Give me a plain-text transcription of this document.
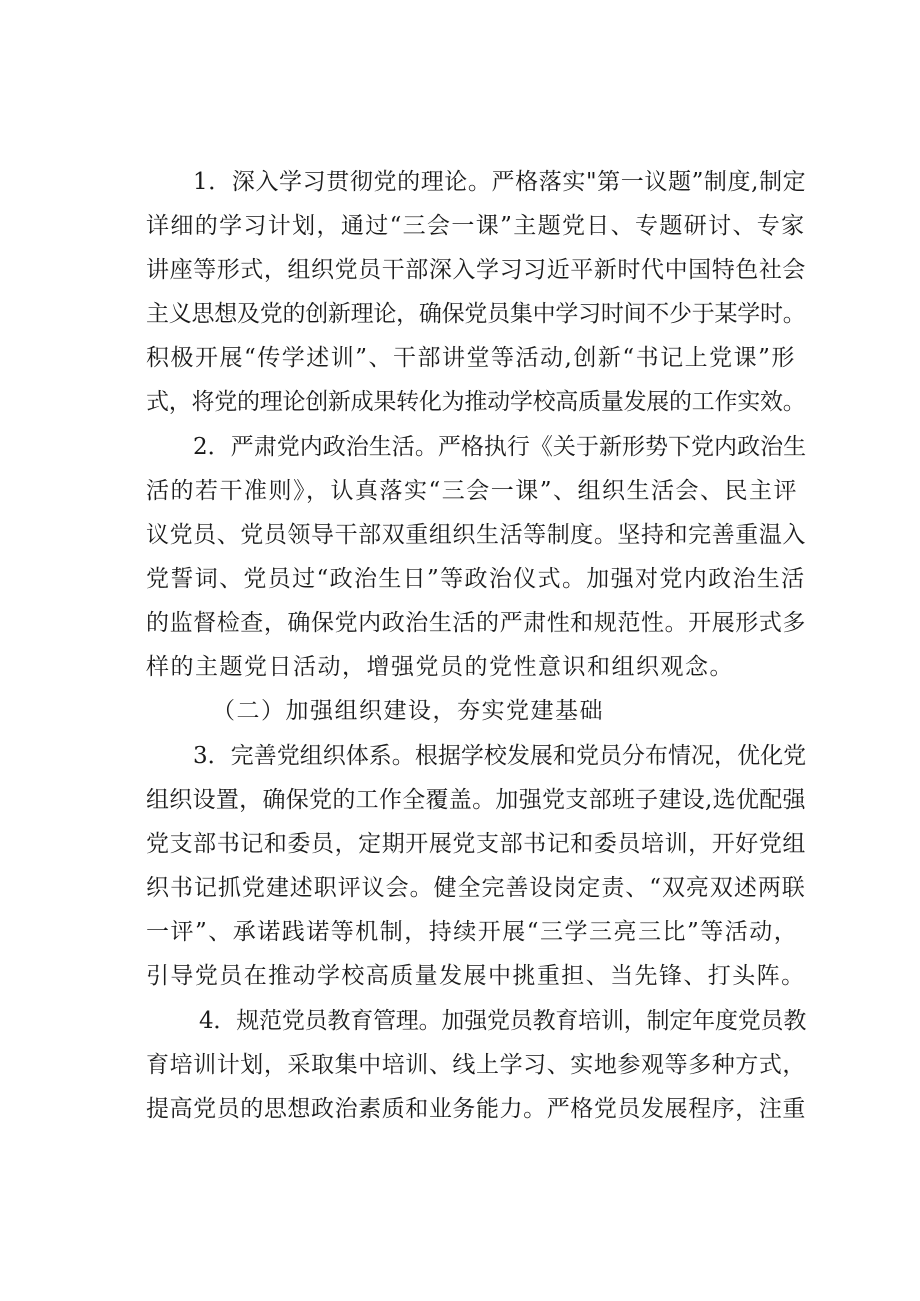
1．深入学习贯彻党的理论。严格落实"第一议题”制度,制定
详细的学习计划，通过“三会一课”主题党日、专题研讨、专家
讲座等形式，组织党员干部深入学习习近平新时代中国特色社会
主义思想及党的创新理论，确保党员集中学习时间不少于某学时。
积极开展“传学述训”、干部讲堂等活动,创新“书记上党课”形
式，将党的理论创新成果转化为推动学校高质量发展的工作实效。
2．严肃党内政治生活。严格执行《关于新形势下党内政治生
活的若干准则》，认真落实“三会一课”、组织生活会、民主评
议党员、党员领导干部双重组织生活等制度。坚持和完善重温入
党誓词、党员过“政治生日”等政治仪式。加强对党内政治生活
的监督检查，确保党内政治生活的严肃性和规范性。开展形式多
样的主题党日活动，增强党员的党性意识和组织观念。
（二）加强组织建设，夯实党建基础
3．完善党组织体系。根据学校发展和党员分布情况，优化党
组织设置，确保党的工作全覆盖。加强党支部班子建设,选优配强
党支部书记和委员，定期开展党支部书记和委员培训，开好党组
织书记抓党建述职评议会。健全完善设岗定责、“双亮双述两联
一评”、承诺践诺等机制，持续开展“三学三亮三比”等活动，
引导党员在推动学校高质量发展中挑重担、当先锋、打头阵。
4．规范党员教育管理。加强党员教育培训，制定年度党员教
育培训计划，采取集中培训、线上学习、实地参观等多种方式，
提高党员的思想政治素质和业务能力。严格党员发展程序，注重
